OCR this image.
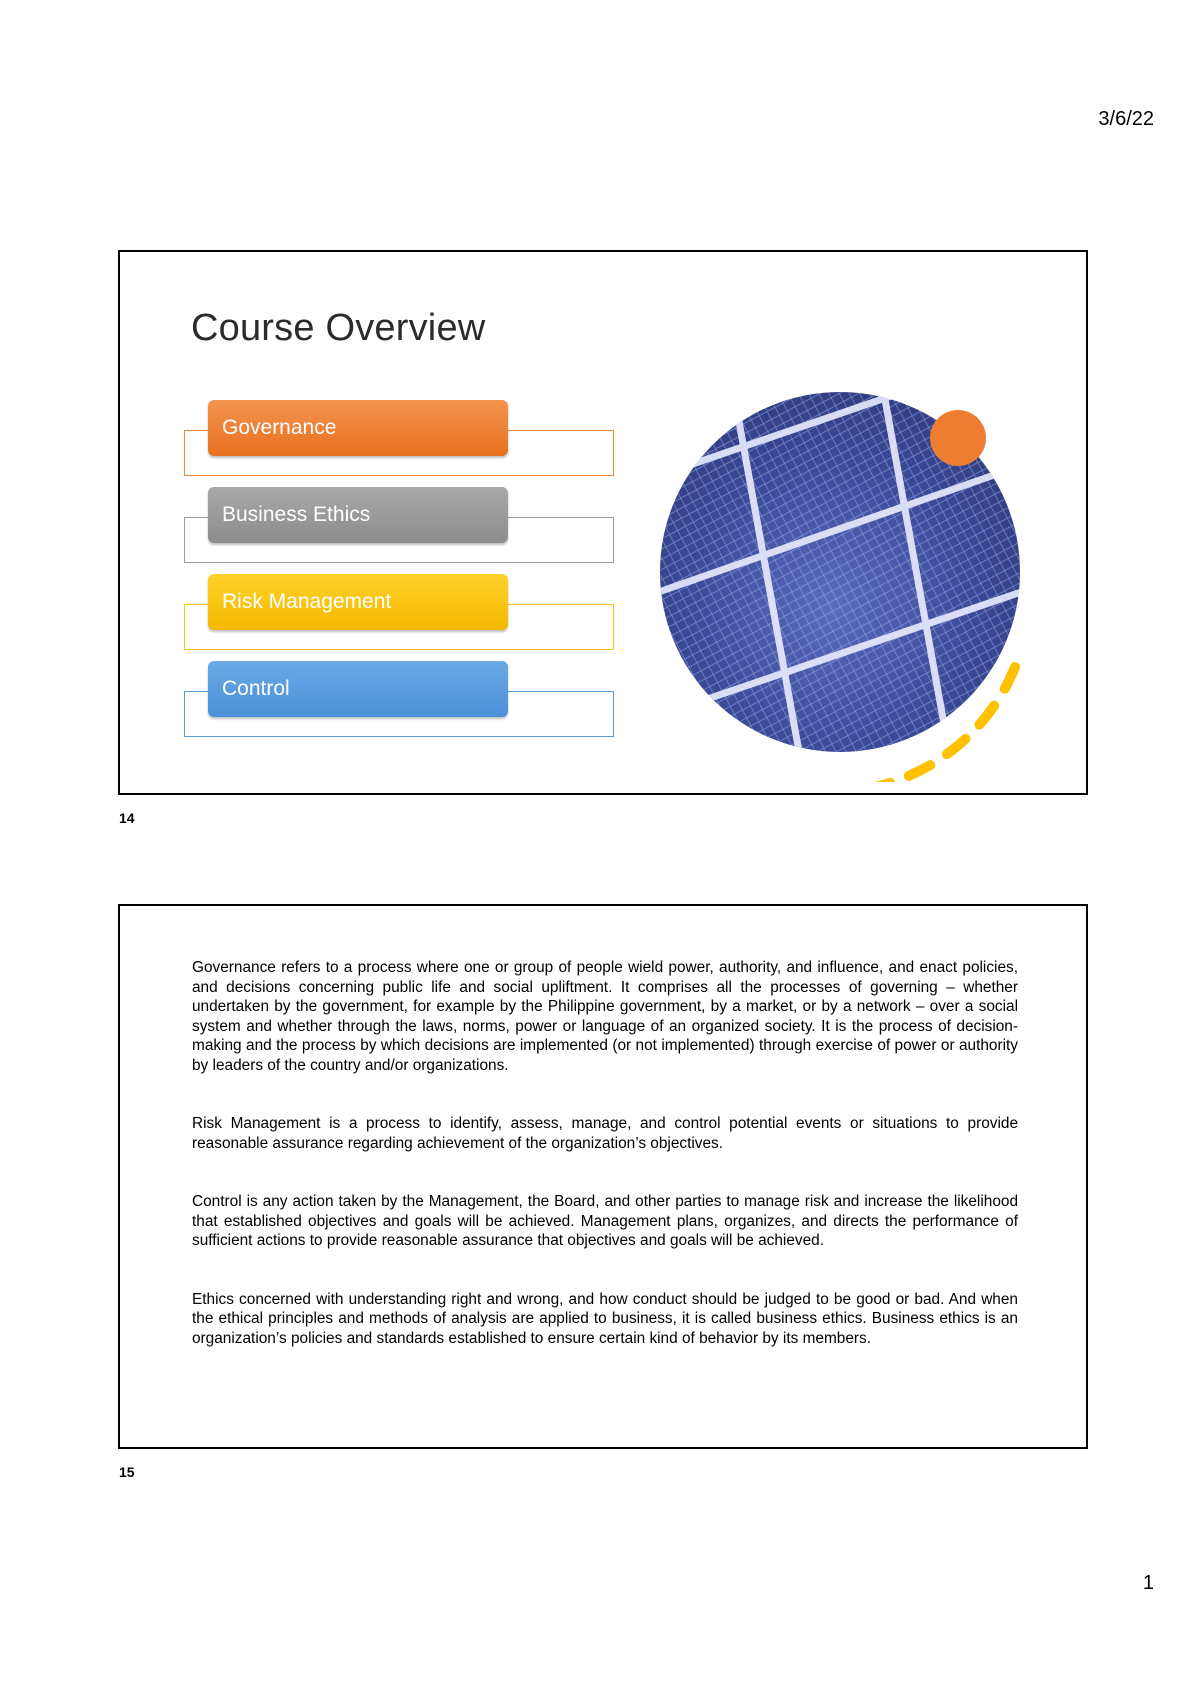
3/6/22
Course Overview
Governance
Business Ethics
Risk Management
Control
14

Governance refers to a process where one or group of people wield power, authority, and influence, and enact policies, and decisions concerning public life and social upliftment. It comprises all the processes of governing – whether undertaken by the government, for example by the Philippine government, by a market, or by a network – over a social system and whether through the laws, norms, power or language of an organized society. It is the process of decision-making and the process by which decisions are implemented (or not implemented) through exercise of power or authority by leaders of the country and/or organizations.

Risk Management is a process to identify, assess, manage, and control potential events or situations to provide reasonable assurance regarding achievement of the organization’s objectives.

Control is any action taken by the Management, the Board, and other parties to manage risk and increase the likelihood that established objectives and goals will be achieved. Management plans, organizes, and directs the performance of sufficient actions to provide reasonable assurance that objectives and goals will be achieved.

Ethics concerned with understanding right and wrong, and how conduct should be judged to be good or bad. And when the ethical principles and methods of analysis are applied to business, it is called business ethics. Business ethics is an organization’s policies and standards established to ensure certain kind of behavior by its members.

15
1
